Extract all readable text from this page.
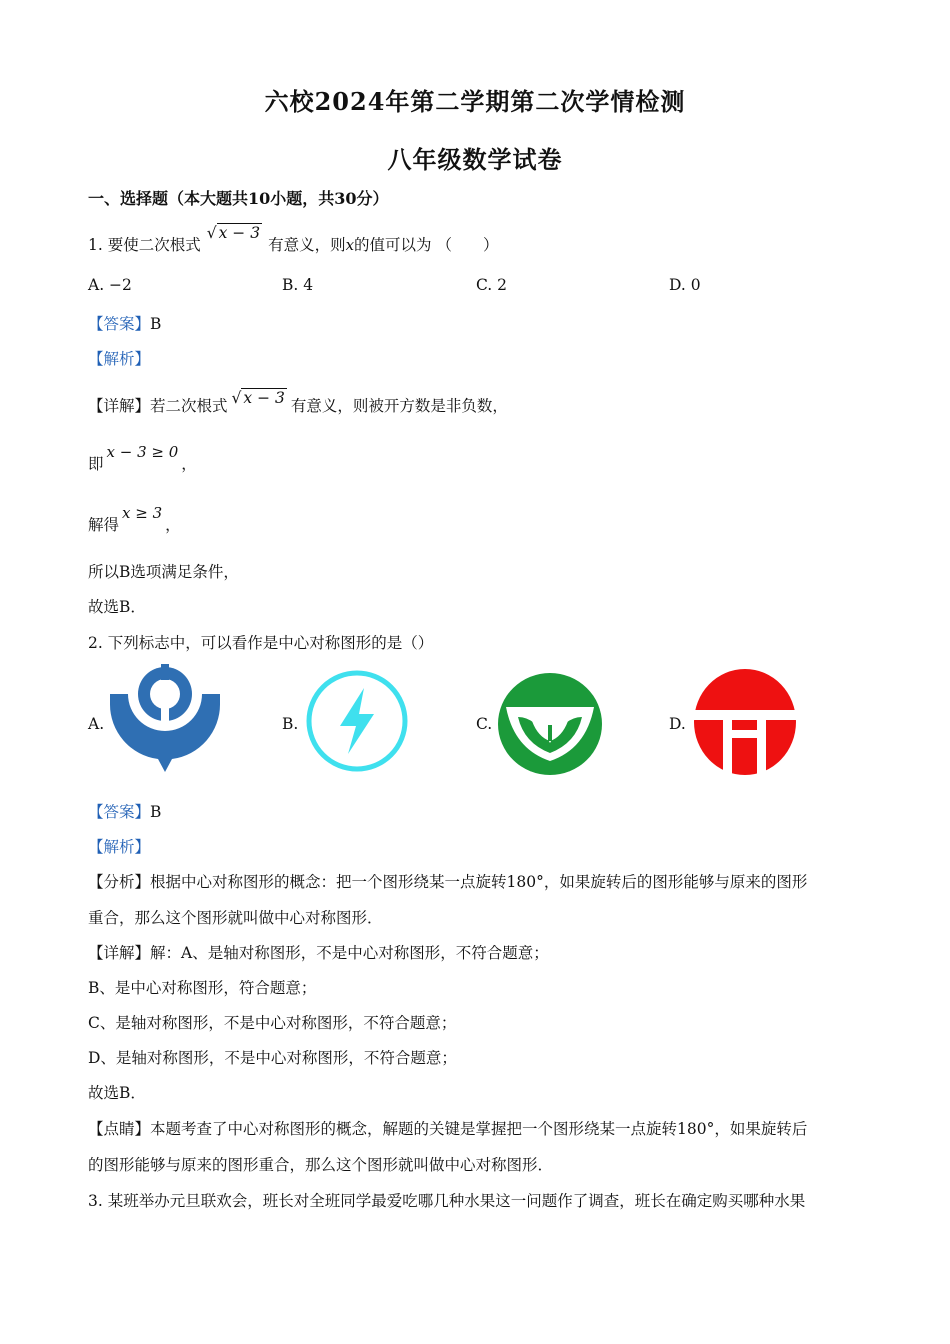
六校2024年第二学期第二次学情检测
八年级数学试卷
一、选择题（本大题共10小题，共30分）
1. 要使二次根式√ x − 3有意义，则x的值可以为 （　　）
A. −2	B. 4	C. 2	D. 0
【答案】B
【解析】
【详解】若二次根式 √ x − 3 有意义，则被开方数是非负数，
即x − 3 ≥ 0，
解得x ≥ 3，
所以B选项满足条件，
故选B．
2. 下列标志中，可以看作是中心对称图形的是（）
A.	B.	C.	D.
【答案】B
【解析】
【分析】根据中心对称图形的概念：把一个图形绕某一点旋转180°，如果旋转后的图形能够与原来的图形
重合，那么这个图形就叫做中心对称图形．
【详解】解：A、是轴对称图形，不是中心对称图形，不符合题意；
B、是中心对称图形，符合题意；
C、是轴对称图形，不是中心对称图形，不符合题意；
D、是轴对称图形，不是中心对称图形，不符合题意；
故选B．
【点睛】本题考查了中心对称图形的概念，解题的关键是掌握把一个图形绕某一点旋转180°，如果旋转后
的图形能够与原来的图形重合，那么这个图形就叫做中心对称图形．
3. 某班举办元旦联欢会，班长对全班同学最爱吃哪几种水果这一问题作了调查，班长在确定购买哪种水果
